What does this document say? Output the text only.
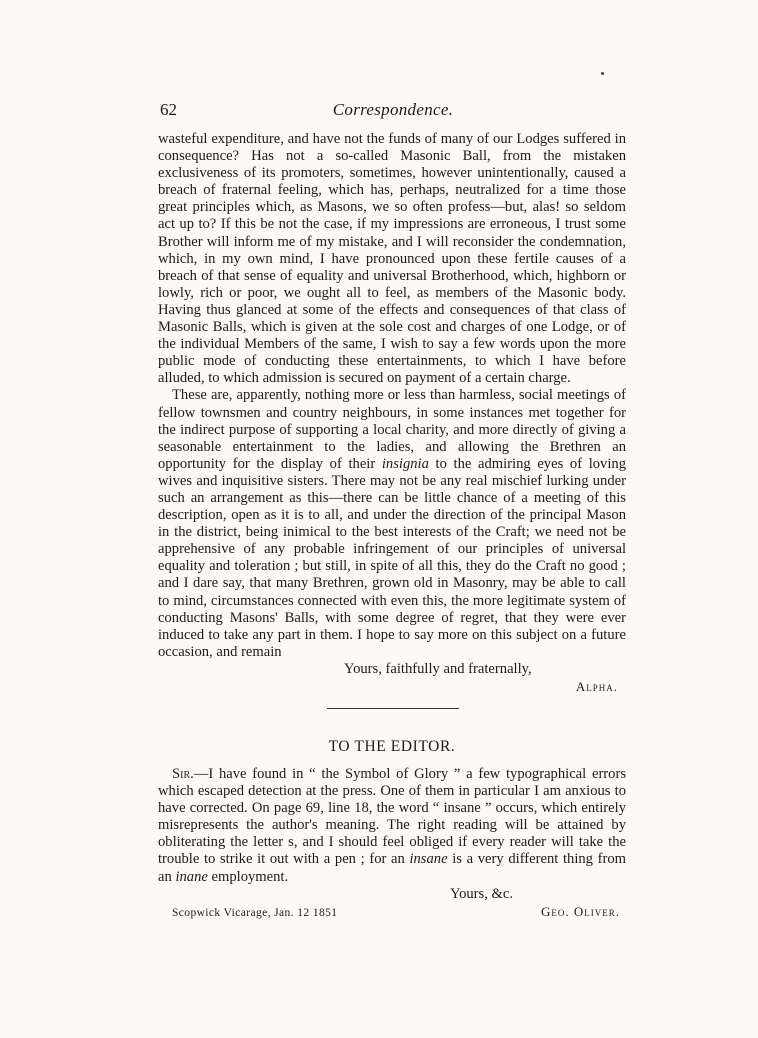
62	Correspondence.

wasteful expenditure, and have not the funds of many of our Lodges suffered in consequence? Has not a so-called Masonic Ball, from the mistaken exclusiveness of its promoters, sometimes, however unintentionally, caused a breach of fraternal feeling, which has, perhaps, neutralized for a time those great principles which, as Masons, we so often profess—but, alas! so seldom act up to? If this be not the case, if my impressions are erroneous, I trust some Brother will inform me of my mistake, and I will reconsider the condemnation, which, in my own mind, I have pronounced upon these fertile causes of a breach of that sense of equality and universal Brotherhood, which, highborn or lowly, rich or poor, we ought all to feel, as members of the Masonic body. Having thus glanced at some of the effects and consequences of that class of Masonic Balls, which is given at the sole cost and charges of one Lodge, or of the individual Members of the same, I wish to say a few words upon the more public mode of conducting these entertainments, to which I have before alluded, to which admission is secured on payment of a certain charge.

These are, apparently, nothing more or less than harmless, social meetings of fellow townsmen and country neighbours, in some instances met together for the indirect purpose of supporting a local charity, and more directly of giving a seasonable entertainment to the ladies, and allowing the Brethren an opportunity for the display of their insignia to the admiring eyes of loving wives and inquisitive sisters. There may not be any real mischief lurking under such an arrangement as this—there can be little chance of a meeting of this description, open as it is to all, and under the direction of the principal Mason in the district, being inimical to the best interests of the Craft; we need not be apprehensive of any probable infringement of our principles of universal equality and toleration ; but still, in spite of all this, they do the Craft no good ; and I dare say, that many Brethren, grown old in Masonry, may be able to call to mind, circumstances connected with even this, the more legitimate system of conducting Masons' Balls, with some degree of regret, that they were ever induced to take any part in them. I hope to say more on this subject on a future occasion, and remain

Yours, faithfully and fraternally,

Alpha.

TO THE EDITOR.

Sir.—I have found in “ the Symbol of Glory ” a few typographical errors which escaped detection at the press. One of them in particular I am anxious to have corrected. On page 69, line 18, the word “ insane ” occurs, which entirely misrepresents the author's meaning. The right reading will be attained by obliterating the letter s, and I should feel obliged if every reader will take the trouble to strike it out with a pen ; for an insane is a very different thing from an inane employment.

Yours, &c.

Scopwick Vicarage, Jan. 12 1851	Geo. Oliver.
